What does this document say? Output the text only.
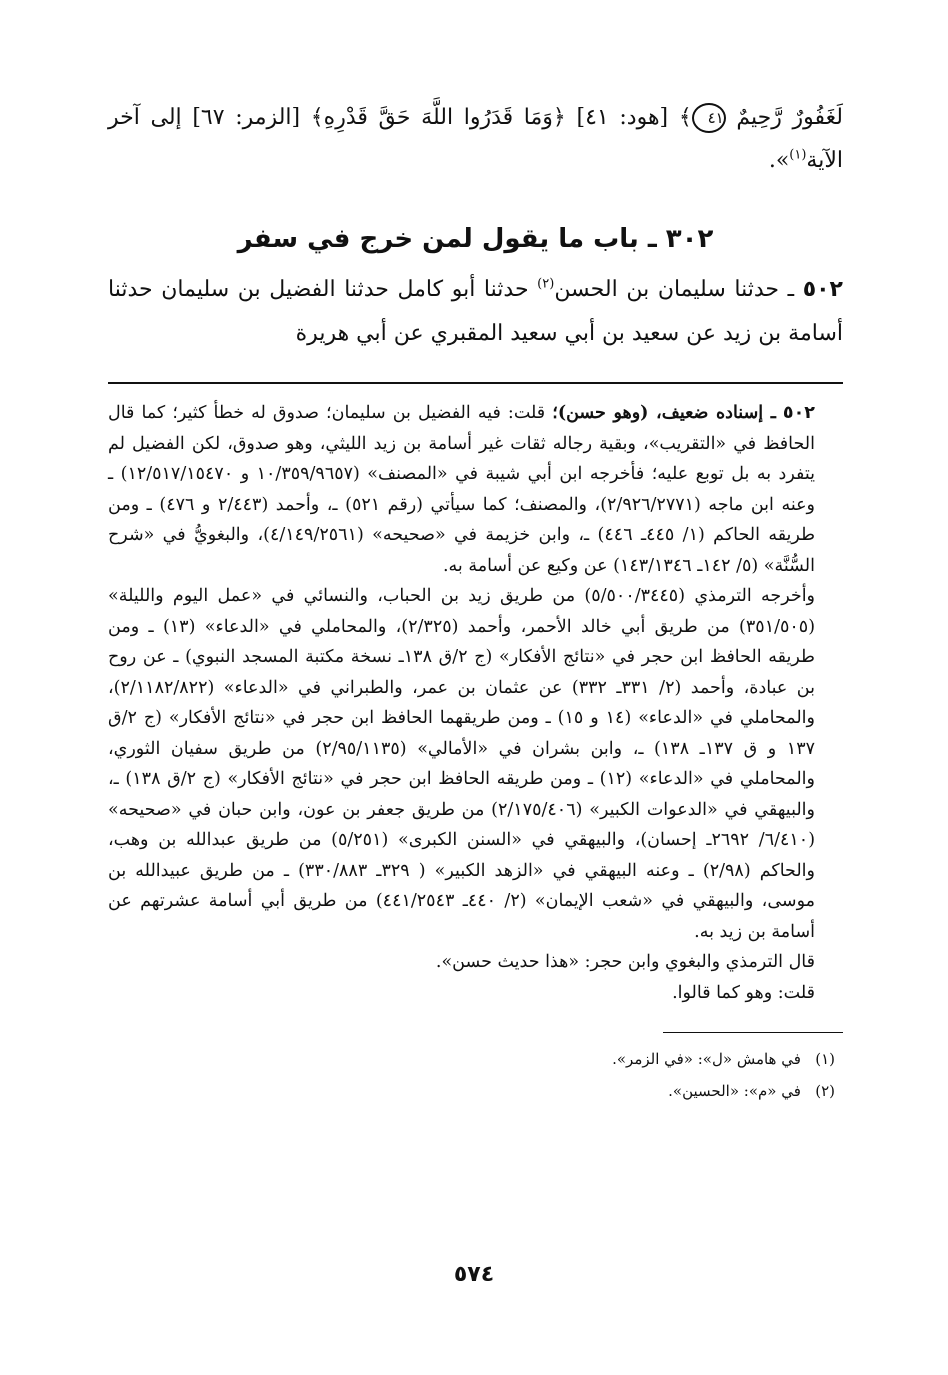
لَغَفُورٌ رَّحِيمٌ ٤١﴾ [هود: ٤١] ﴿وَمَا قَدَرُوا اللَّهَ حَقَّ قَدْرِهِ﴾ [الزمر: ٦٧] إلى آخر الآية$^{(١)}$».

٣٠٢ ـ باب ما يقول لمن خرج في سفر

٥٠٢ ـ حدثنا سليمان بن الحسن$^{(٢)}$ حدثنا أبو كامل حدثنا الفضيل بن سليمان حدثنا أسامة بن زيد عن سعيد بن أبي سعيد المقبري عن أبي هريرة

٥٠٢ ـ إسناده ضعيف، (وهو حسن)؛ قلت: فيه الفضيل بن سليمان؛ صدوق له خطأ كثير؛ كما قال الحافظ في «التقريب»، وبقية رجاله ثقات غير أسامة بن زيد الليثي، وهو صدوق، لكن الفضيل لم يتفرد به بل توبع عليه؛ فأخرجه ابن أبي شيبة في «المصنف» (١٠/٣٥٩/٩٦٥٧ و ١٢/٥١٧/١٥٤٧٠) ـ وعنه ابن ماجه (٢/٩٢٦/٢٧٧١)، والمصنف؛ كما سيأتي (رقم ٥٢١) ـ، وأحمد (٢/٤٤٣ و ٤٧٦) ـ ومن طريقه الحاكم (١/ ٤٤٥ـ ٤٤٦) ـ، وابن خزيمة في «صحيحه» (٤/١٤٩/٢٥٦١)، والبغويُّ في «شرح السُّنَّة» (٥/ ١٤٢ـ ١٤٣/١٣٤٦) عن وكيع عن أسامة به.

وأخرجه الترمذي (٥/٥٠٠/٣٤٤٥) من طريق زيد بن الحباب، والنسائي في «عمل اليوم والليلة» (٣٥١/٥٠٥) من طريق أبي خالد الأحمر، وأحمد (٢/٣٢٥)، والمحاملي في «الدعاء» (١٣) ـ ومن طريقه الحافظ ابن حجر في «نتائج الأفكار» (ج ٢/ق ١٣٨ـ نسخة مكتبة المسجد النبوي) ـ عن روح بن عبادة، وأحمد (٢/ ٣٣١ـ ٣٣٢) عن عثمان بن عمر، والطبراني في «الدعاء» (٢/١١٨٢/٨٢٢)، والمحاملي في «الدعاء» (١٤ و ١٥) ـ ومن طريقهما الحافظ ابن حجر في «نتائج الأفكار» (ج ٢/ق ١٣٧ و ق ١٣٧ـ ١٣٨) ـ، وابن بشران في «الأمالي» (٢/٩٥/١١٣٥) من طريق سفيان الثوري، والمحاملي في «الدعاء» (١٢) ـ ومن طريقه الحافظ ابن حجر في «نتائج الأفكار» (ج ٢/ق ١٣٨) ـ، والبيهقي في «الدعوات الكبير» (٢/١٧٥/٤٠٦) من طريق جعفر بن عون، وابن حبان في «صحيحه» (٦/٤١٠/ ٢٦٩٢ـ إحسان)، والبيهقي في «السنن الكبرى» (٥/٢٥١) من طريق عبدالله بن وهب، والحاكم (٢/٩٨) ـ وعنه البيهقي في «الزهد الكبير» ( ٣٢٩ـ ٣٣٠/٨٨٣) ـ من طريق عبيدالله بن موسى، والبيهقي في «شعب الإيمان» (٢/ ٤٤٠ـ ٤٤١/٢٥٤٣) من طريق أبي أسامة عشرتهم عن أسامة بن زيد به.

قال الترمذي والبغوي وابن حجر: «هذا حديث حسن».

قلت: وهو كما قالوا.

(١)   في هامش «ل»: «في الزمر».
(٢)   في «م»: «الحسين».
٥٧٤
